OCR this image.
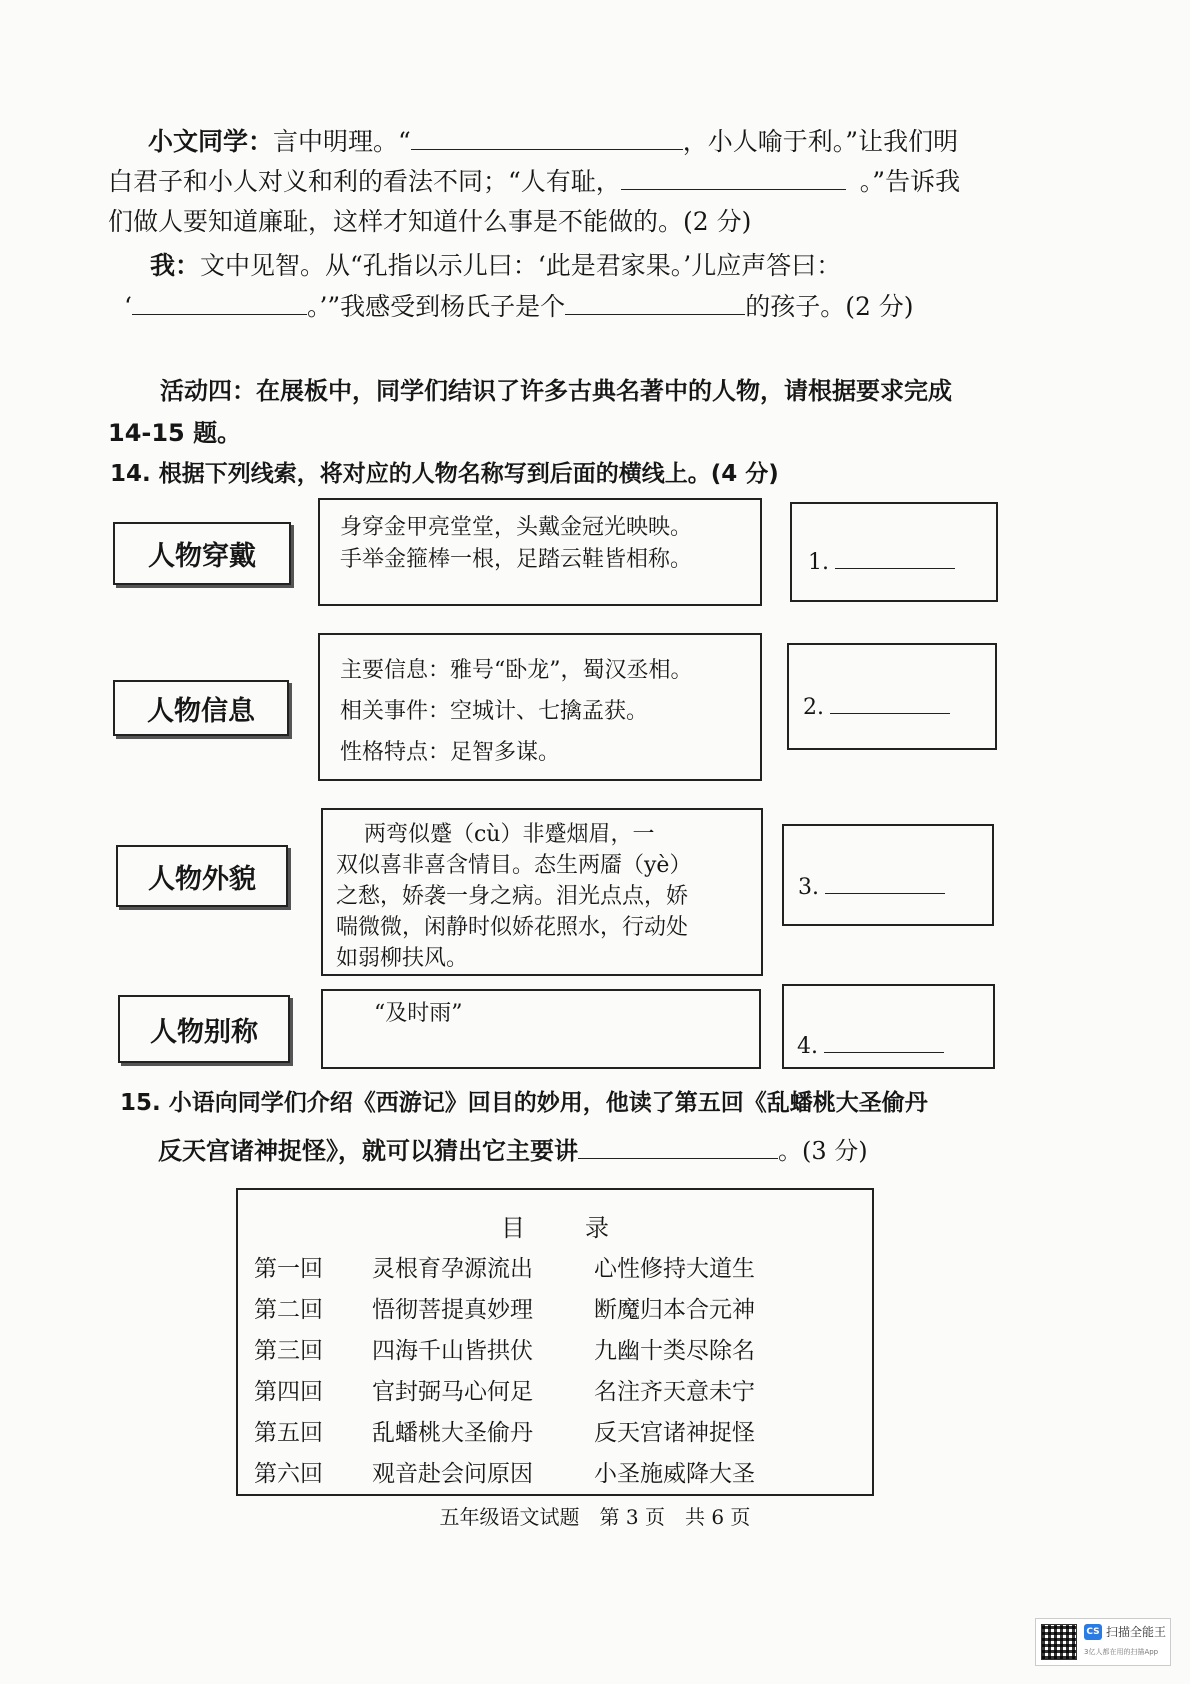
小文同学：言中明理。“	，小人喻于利。”让我们明
白君子和小人对义和利的看法不同；“人有耻，	。”告诉我
们做人要知道廉耻，这样才知道什么事是不能做的。(2 分)
我：文中见智。从“孔指以示儿曰：‘此是君家果。’儿应声答曰：
‘	。’”我感受到杨氏子是个	的孩子。(2 分)
活动四：在展板中，同学们结识了许多古典名著中的人物，请根据要求完成
14-15 题。
14. 根据下列线索，将对应的人物名称写到后面的横线上。(4 分)
人物穿戴
身穿金甲亮堂堂，头戴金冠光映映。
手举金箍棒一根，足踏云鞋皆相称。	1.
人物信息
主要信息：雅号“卧龙”，蜀汉丞相。
相关事件：空城计、七擒孟获。
性格特点：足智多谋。
2.
人物外貌
两弯似蹙（cù）非蹙烟眉，一
双似喜非喜含情目。态生两靥（yè）
之愁，娇袭一身之病。泪光点点，娇
喘微微，闲静时似娇花照水，行动处
如弱柳扶风。
3.
人物别称
“及时雨”
4.
15. 小语向同学们介绍《西游记》回目的妙用，他读了第五回《乱蟠桃大圣偷丹
反天宫诸神捉怪》，就可以猜出它主要讲	。(3 分)
目录
第一回 灵根育孕源流出	心性修持大道生
第二回 悟彻菩提真妙理	断魔归本合元神
第三回 四海千山皆拱伏	九幽十类尽除名
第四回 官封弼马心何足	名注齐天意未宁
第五回 乱蟠桃大圣偷丹	反天宫诸神捉怪
第六回 观音赴会问原因	小圣施威降大圣
五年级语文试题　第 3 页　共 6 页
CS 扫描全能王
3亿人都在用的扫描App
